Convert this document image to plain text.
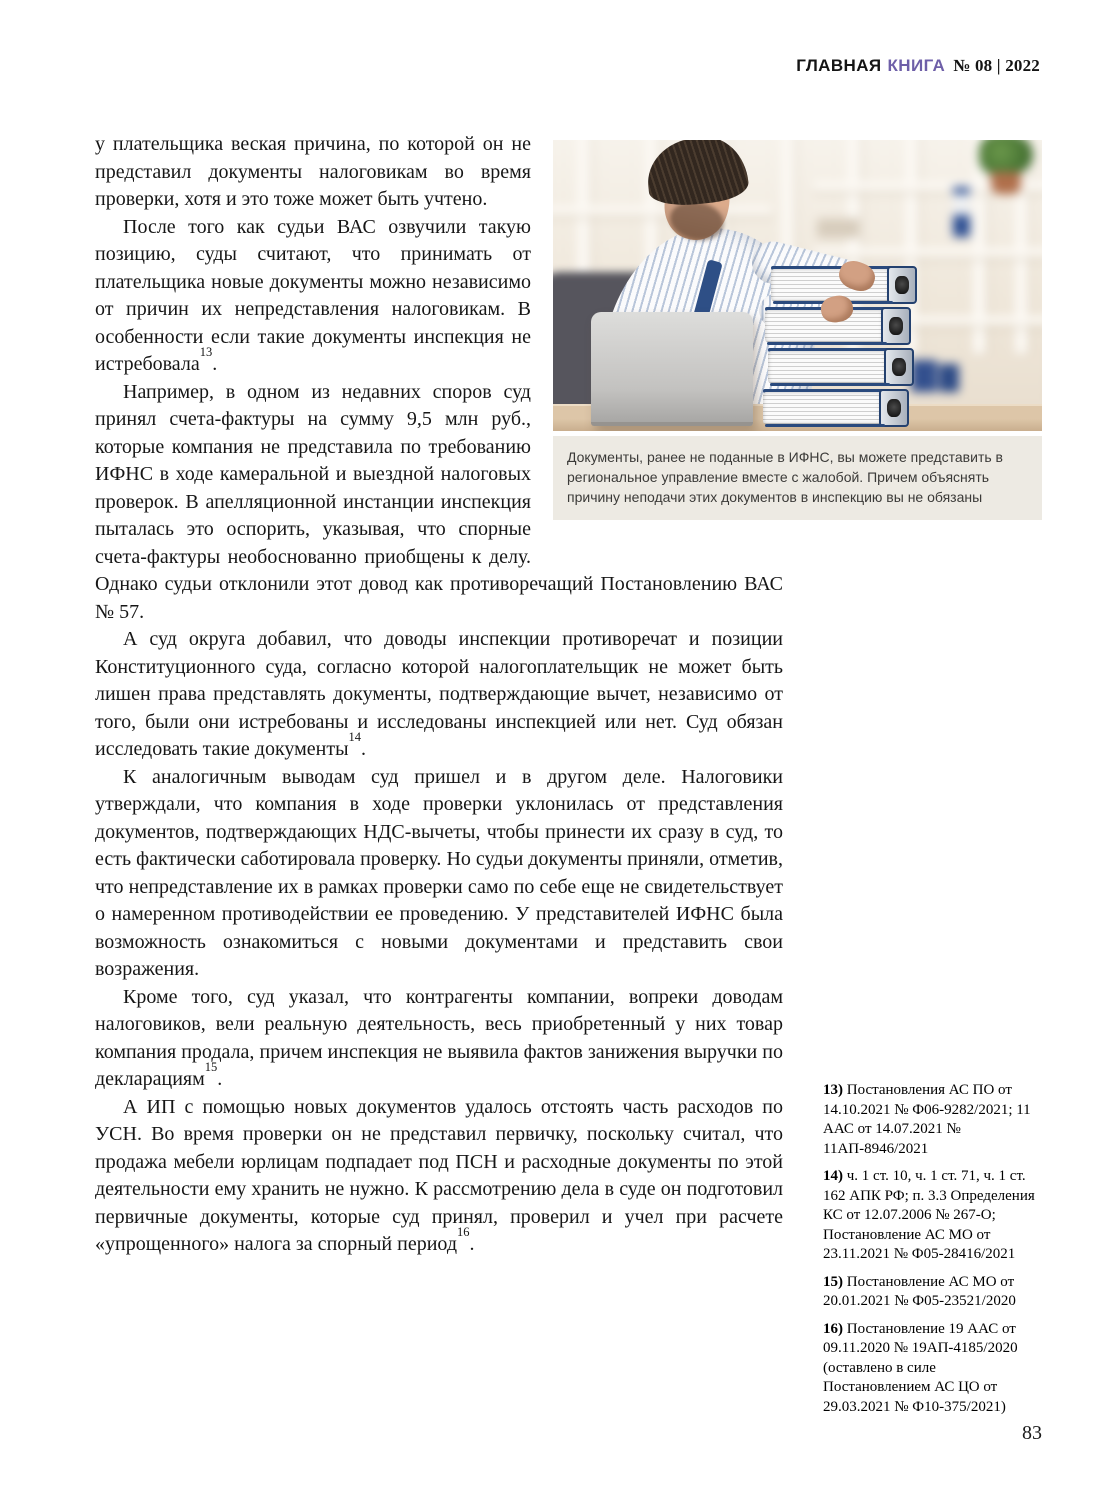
ГЛАВНАЯ КНИГА № 08 | 2022

у плательщика веская причина, по которой он не представил документы налоговикам во время проверки, хотя и это тоже может быть учтено.

После того как судьи ВАС озвучили такую позицию, суды считают, что принимать от плательщика новые документы можно независимо от причин их непредставления налоговикам. В особенности если такие документы инспекция не истребовала$^{13}$.

Например, в одном из недавних споров суд принял счета-фактуры на сумму 9,5 млн руб., которые компания не представила по требованию ИФНС в ходе камеральной и выездной налоговых проверок. В апелляционной инстанции инспекция пыталась это оспорить, указывая, что спорные счета-фактуры необоснованно приобщены к делу. Однако судьи отклонили этот довод как противоречащий Постановлению ВАС № 57.

А суд округа добавил, что доводы инспекции противоречат и позиции Конституционного суда, согласно которой налогоплательщик не может быть лишен права представлять документы, подтверждающие вычет, независимо от того, были они истребованы и исследованы инспекцией или нет. Суд обязан исследовать такие документы$^{14}$.

К аналогичным выводам суд пришел и в другом деле. Налоговики утверждали, что компания в ходе проверки уклонилась от представления документов, подтверждающих НДС-вычеты, чтобы принести их сразу в суд, то есть фактически саботировала проверку. Но судьи документы приняли, отметив, что непредставление их в рамках проверки само по себе еще не свидетельствует о намеренном противодействии ее проведению. У представителей ИФНС была возможность ознакомиться с новыми документами и представить свои возражения.

Кроме того, суд указал, что контрагенты компании, вопреки доводам налоговиков, вели реальную деятельность, весь приобретенный у них товар компания продала, причем инспекция не выявила фактов занижения выручки по декларациям$^{15}$.

А ИП с помощью новых документов удалось отстоять часть расходов по УСН. Во время проверки он не представил первичку, поскольку считал, что продажа мебели юрлицам подпадает под ПСН и расходные документы по этой деятельности ему хранить не нужно. К рассмотрению дела в суде он подготовил первичные документы, которые суд принял, проверил и учел при расчете «упрощенного» налога за спорный период$^{16}$.

Документы, ранее не поданные в ИФНС, вы можете представить в региональное управление вместе с жалобой. Причем объяснять причину неподачи этих документов в инспекцию вы не обязаны

13) Постановления АС ПО от 14.10.2021 № Ф06-9282/2021; 11 ААС от 14.07.2021 № 11АП-8946/2021

14) ч. 1 ст. 10, ч. 1 ст. 71, ч. 1 ст. 162 АПК РФ; п. 3.3 Определения КС от 12.07.2006 № 267-О; Постановление АС МО от 23.11.2021 № Ф05-28416/2021

15) Постановление АС МО от 20.01.2021 № Ф05-23521/2020

16) Постановление 19 ААС от 09.11.2020 № 19АП-4185/2020 (оставлено в силе Постановлением АС ЦО от 29.03.2021 № Ф10-375/2021)

83
